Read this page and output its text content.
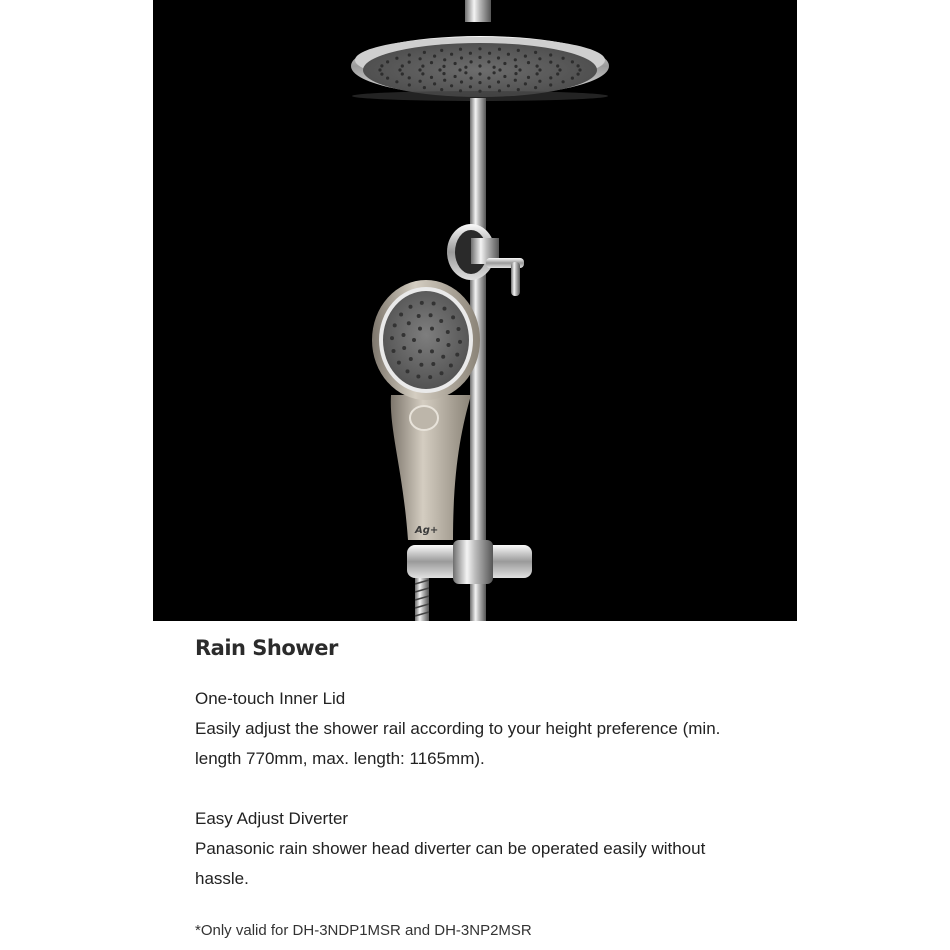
Ag+
Rain Shower
One-touch Inner Lid
Easily adjust the shower rail according to your height preference (min.
length 770mm, max. length: 1165mm).
Easy Adjust Diverter
Panasonic rain shower head diverter can be operated easily without
hassle.
*Only valid for DH-3NDP1MSR and DH-3NP2MSR
